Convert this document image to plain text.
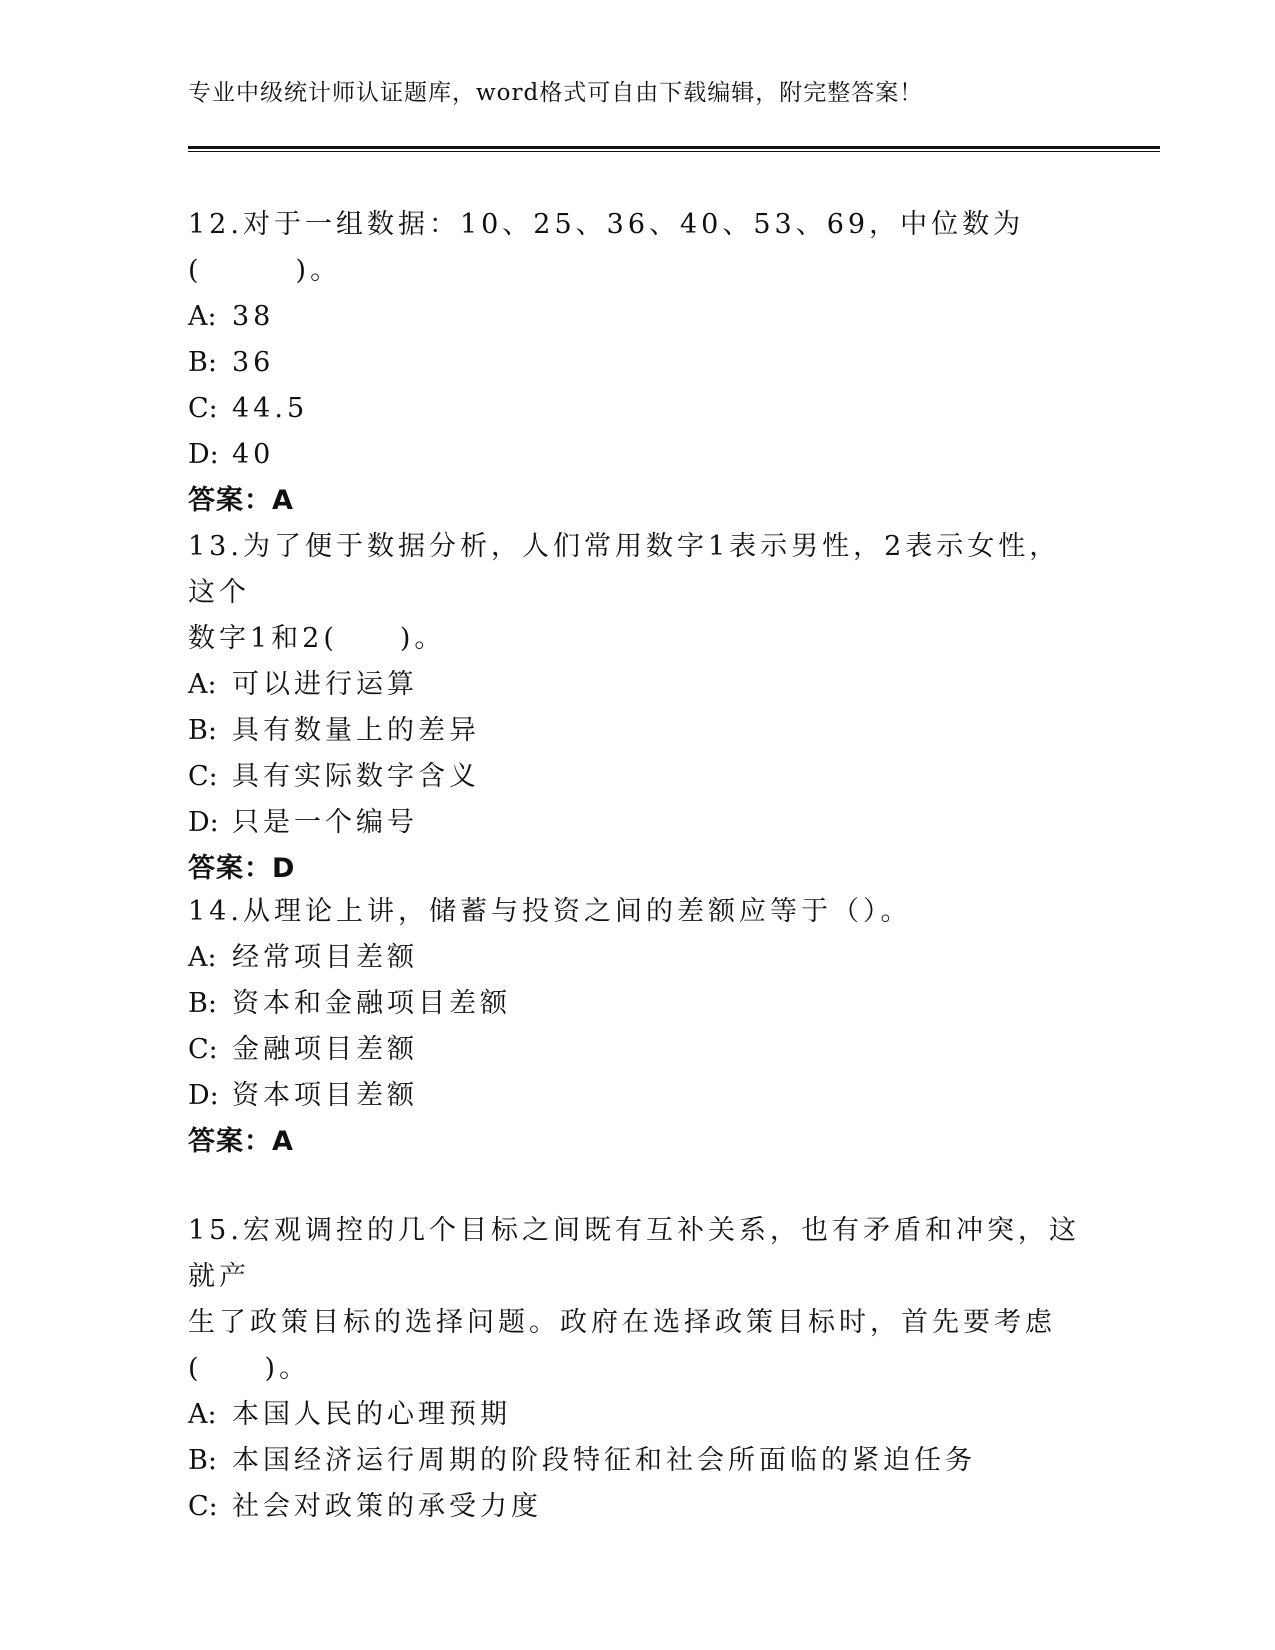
专业中级统计师认证题库，word格式可自由下载编辑，附完整答案！

12.对于一组数据：10、25、36、40、53、69，中位数为(　　　)。

A: 38

B: 36

C: 44.5

D: 40

答案：A

13.为了便于数据分析，人们常用数字1表示男性，2表示女性，这个

数字1和2(　　)。

A: 可以进行运算

B: 具有数量上的差异

C: 具有实际数字含义

D: 只是一个编号

答案：D

14.从理论上讲，储蓄与投资之间的差额应等于（）。

A: 经常项目差额

B: 资本和金融项目差额

C: 金融项目差额

D: 资本项目差额

答案：A

15.宏观调控的几个目标之间既有互补关系，也有矛盾和冲突，这就产

生了政策目标的选择问题。政府在选择政策目标时，首先要考虑

(　　)。

A: 本国人民的心理预期

B: 本国经济运行周期的阶段特征和社会所面临的紧迫任务

C: 社会对政策的承受力度
